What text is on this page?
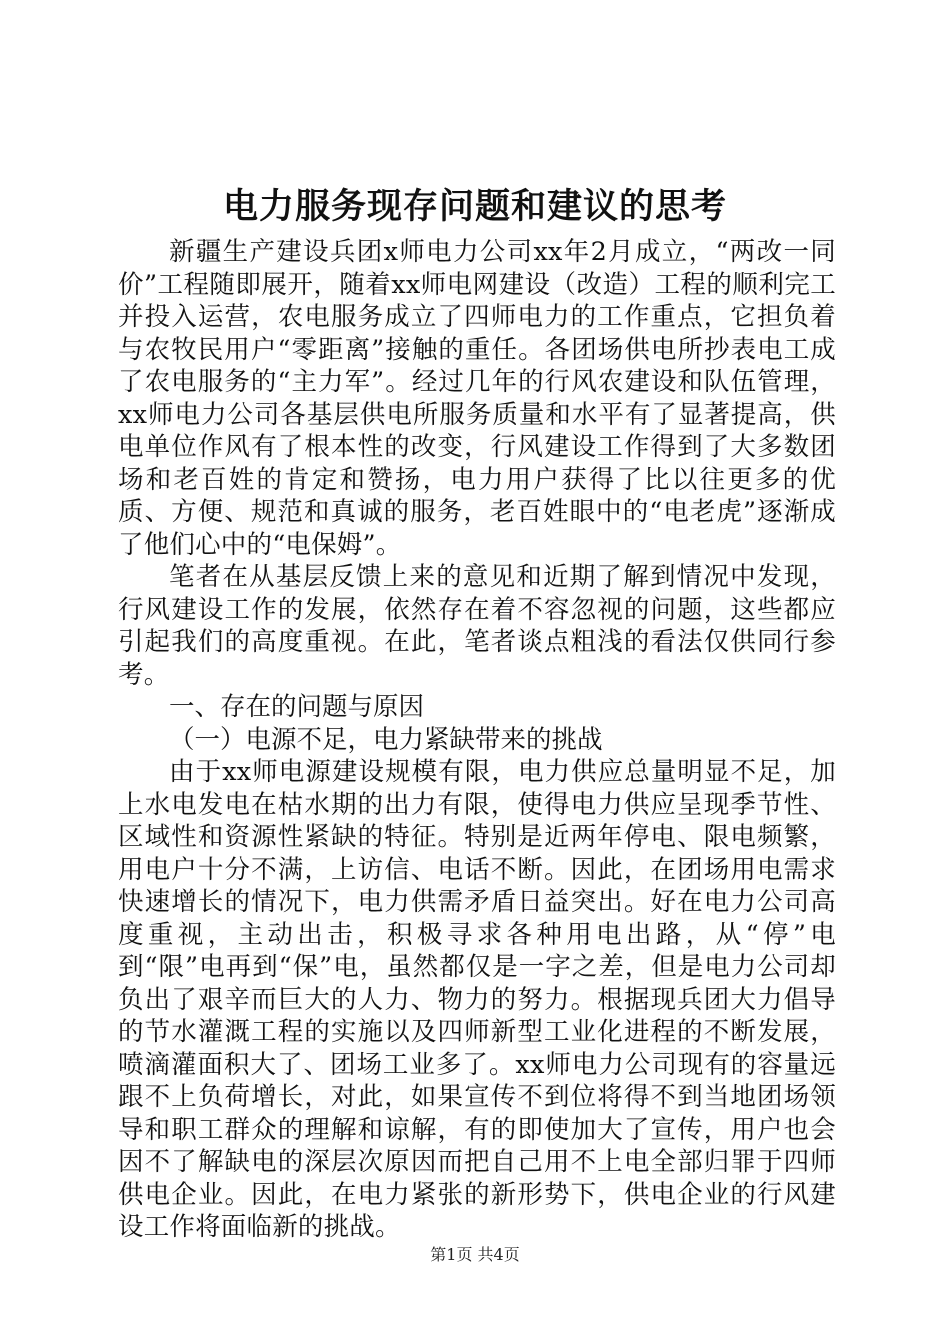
电力服务现存问题和建议的思考

新疆生产建设兵团x师电力公司xx年2月成立，“两改一同价”工程随即展开，随着xx师电网建设（改造）工程的顺利完工并投入运营，农电服务成立了四师电力的工作重点，它担负着与农牧民用户“零距离”接触的重任。各团场供电所抄表电工成了农电服务的“主力军”。经过几年的行风农建设和队伍管理，xx师电力公司各基层供电所服务质量和水平有了显著提高，供电单位作风有了根本性的改变，行风建设工作得到了大多数团场和老百姓的肯定和赞扬，电力用户获得了比以往更多的优质、方便、规范和真诚的服务，老百姓眼中的“电老虎”逐渐成了他们心中的“电保姆”。

笔者在从基层反馈上来的意见和近期了解到情况中发现，行风建设工作的发展，依然存在着不容忽视的问题，这些都应引起我们的高度重视。在此，笔者谈点粗浅的看法仅供同行参考。

一、存在的问题与原因

（一）电源不足，电力紧缺带来的挑战

由于xx师电源建设规模有限，电力供应总量明显不足，加上水电发电在枯水期的出力有限，使得电力供应呈现季节性、区域性和资源性紧缺的特征。特别是近两年停电、限电频繁，用电户十分不满，上访信、电话不断。因此，在团场用电需求快速增长的情况下，电力供需矛盾日益突出。好在电力公司高度重视，主动出击，积极寻求各种用电出路，从“停”电到“限”电再到“保”电，虽然都仅是一字之差，但是电力公司却负出了艰辛而巨大的人力、物力的努力。根据现兵团大力倡导的节水灌溉工程的实施以及四师新型工业化进程的不断发展，喷滴灌面积大了、团场工业多了。xx师电力公司现有的容量远跟不上负荷增长，对此，如果宣传不到位将得不到当地团场领导和职工群众的理解和谅解，有的即使加大了宣传，用户也会因不了解缺电的深层次原因而把自己用不上电全部归罪于四师供电企业。因此，在电力紧张的新形势下，供电企业的行风建设工作将面临新的挑战。

第1页 共4页
